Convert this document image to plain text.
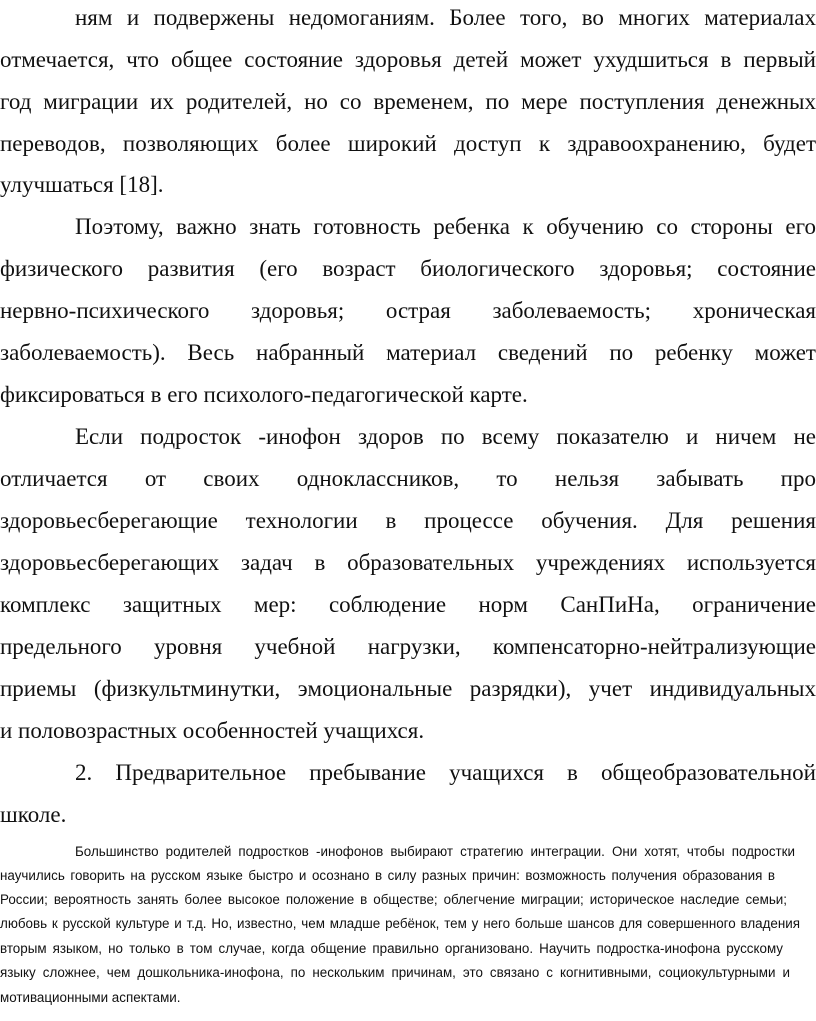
ням и подвержены недомоганиям. Более того, во многих материалах
отмечается, что общее состояние здоровья детей может ухудшиться в первый
год миграции их родителей, но со временем, по мере поступления денежных
переводов, позволяющих более широкий доступ к здравоохранению, будет
улучшаться [18].
Поэтому, важно знать готовность ребенка к обучению со стороны его
физического развития (его возраст биологического здоровья; состояние
нервно-психического здоровья; острая заболеваемость; хроническая
заболеваемость). Весь набранный материал сведений по ребенку может
фиксироваться в его психолого-педагогической карте.
Если подросток -инофон здоров по всему показателю и ничем не
отличается от своих одноклассников, то нельзя забывать про
здоровьесберегающие технологии в процессе обучения. Для решения
здоровьесберегающих задач в образовательных учреждениях используется
комплекс защитных мер: соблюдение норм СанПиНа, ограничение
предельного уровня учебной нагрузки, компенсаторно-нейтрализующие
приемы (физкультминутки, эмоциональные разрядки), учет индивидуальных
и половозрастных особенностей учащихся.
2. Предварительное пребывание учащихся в общеобразовательной
школе.
Большинство родителей подростков -инофонов выбирают стратегию интеграции. Они хотят, чтобы подростки
научились говорить на русском языке быстро и осознано в силу разных причин: возможность получения образования в
России; вероятность занять более высокое положение в обществе; облегчение миграции; историческое наследие семьи;
любовь к русской культуре и т.д. Но, известно, чем младше ребёнок, тем у него больше шансов для совершенного владения
вторым языком, но только в том случае, когда общение правильно организовано. Научить подростка-инофона русскому
языку сложнее, чем дошкольника-инофона, по нескольким причинам, это связано с когнитивными, социокультурными и
мотивационными аспектами.
